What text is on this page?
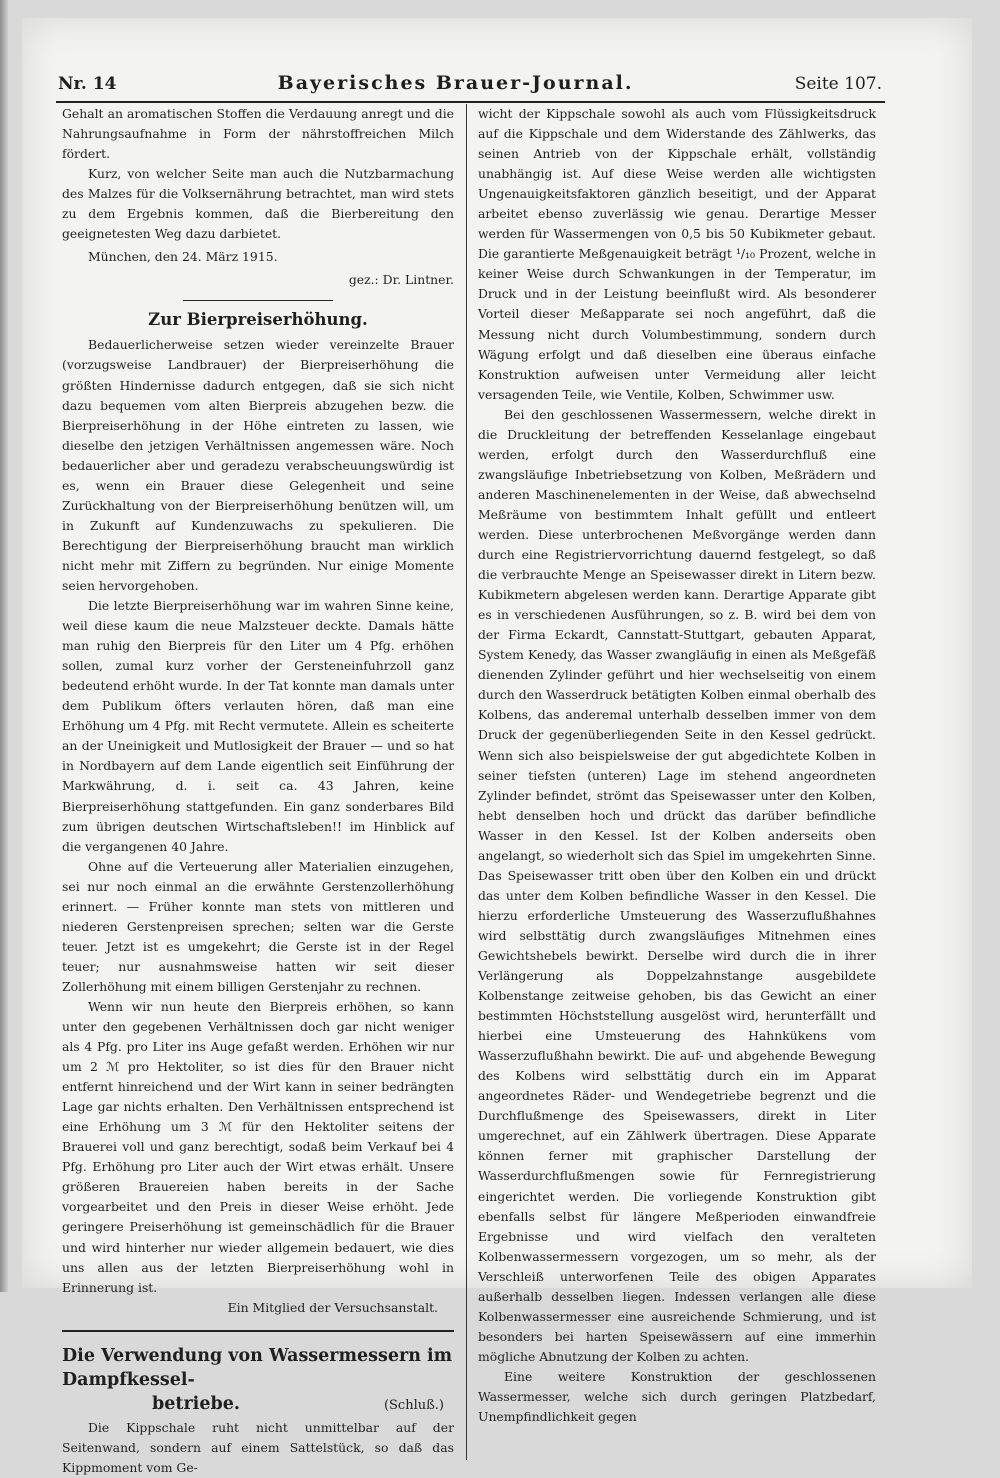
Nr. 14	Bayerisches Brauer-Journal.	Seite 107.

Gehalt an aromatischen Stoffen die Verdauung anregt und die Nahrungsaufnahme in Form der nährstoffreichen Milch fördert.

Kurz, von welcher Seite man auch die Nutzbarmachung des Malzes für die Volksernährung betrachtet, man wird stets zu dem Ergebnis kommen, daß die Bierbereitung den geeignetesten Weg dazu darbietet.

München, den 24. März 1915.

gez.: Dr. Lintner.

Zur Bierpreiserhöhung.

Bedauerlicherweise setzen wieder vereinzelte Brauer (vorzugsweise Landbrauer) der Bierpreiserhöhung die größten Hindernisse dadurch entgegen, daß sie sich nicht dazu bequemen vom alten Bierpreis abzugehen bezw. die Bierpreiserhöhung in der Höhe eintreten zu lassen, wie dieselbe den jetzigen Verhältnissen angemessen wäre. Noch bedauerlicher aber und geradezu verabscheuungswürdig ist es, wenn ein Brauer diese Gelegenheit und seine Zurückhaltung von der Bierpreiserhöhung benützen will, um in Zukunft auf Kundenzuwachs zu spekulieren. Die Berechtigung der Bierpreiserhöhung braucht man wirklich nicht mehr mit Ziffern zu begründen. Nur einige Momente seien hervorgehoben.

Die letzte Bierpreiserhöhung war im wahren Sinne keine, weil diese kaum die neue Malzsteuer deckte. Damals hätte man ruhig den Bierpreis für den Liter um 4 Pfg. erhöhen sollen, zumal kurz vorher der Gersteneinfuhrzoll ganz bedeutend erhöht wurde. In der Tat konnte man damals unter dem Publikum öfters verlauten hören, daß man eine Erhöhung um 4 Pfg. mit Recht vermutete. Allein es scheiterte an der Uneinigkeit und Mutlosigkeit der Brauer — und so hat in Nordbayern auf dem Lande eigentlich seit Einführung der Markwährung, d. i. seit ca. 43 Jahren, keine Bierpreiserhöhung stattgefunden. Ein ganz sonderbares Bild zum übrigen deutschen Wirtschaftsleben!! im Hinblick auf die vergangenen 40 Jahre.

Ohne auf die Verteuerung aller Materialien einzugehen, sei nur noch einmal an die erwähnte Gerstenzollerhöhung erinnert. — Früher konnte man stets von mittleren und niederen Gerstenpreisen sprechen; selten war die Gerste teuer. Jetzt ist es umgekehrt; die Gerste ist in der Regel teuer; nur ausnahmsweise hatten wir seit dieser Zollerhöhung mit einem billigen Gerstenjahr zu rechnen.

Wenn wir nun heute den Bierpreis erhöhen, so kann unter den gegebenen Verhältnissen doch gar nicht weniger als 4 Pfg. pro Liter ins Auge gefaßt werden. Erhöhen wir nur um 2 ℳ pro Hektoliter, so ist dies für den Brauer nicht entfernt hinreichend und der Wirt kann in seiner bedrängten Lage gar nichts erhalten. Den Verhältnissen entsprechend ist eine Erhöhung um 3 ℳ für den Hektoliter seitens der Brauerei voll und ganz berechtigt, sodaß beim Verkauf bei 4 Pfg. Erhöhung pro Liter auch der Wirt etwas erhält. Unsere größeren Brauereien haben bereits in der Sache vorgearbeitet und den Preis in dieser Weise erhöht. Jede geringere Preiserhöhung ist gemeinschädlich für die Brauer und wird hinterher nur wieder allgemein bedauert, wie dies uns allen aus der letzten Bierpreiserhöhung wohl in Erinnerung ist.

Ein Mitglied der Versuchsanstalt.

Die Verwendung von Wassermessern im Dampfkessel-
betriebe.	(Schluß.)

Die Kippschale ruht nicht unmittelbar auf der Seitenwand, sondern auf einem Sattelstück, so daß das Kippmoment vom Ge-

wicht der Kippschale sowohl als auch vom Flüssigkeitsdruck auf die Kippschale und dem Widerstande des Zählwerks, das seinen Antrieb von der Kippschale erhält, vollständig unabhängig ist. Auf diese Weise werden alle wichtigsten Ungenauigkeitsfaktoren gänzlich beseitigt, und der Apparat arbeitet ebenso zuverlässig wie genau. Derartige Messer werden für Wassermengen von 0,5 bis 50 Kubikmeter gebaut. Die garantierte Meßgenauigkeit beträgt ¹/₁₀ Prozent, welche in keiner Weise durch Schwankungen in der Temperatur, im Druck und in der Leistung beeinflußt wird. Als besonderer Vorteil dieser Meßapparate sei noch angeführt, daß die Messung nicht durch Volumbestimmung, sondern durch Wägung erfolgt und daß dieselben eine überaus einfache Konstruktion aufweisen unter Vermeidung aller leicht versagenden Teile, wie Ventile, Kolben, Schwimmer usw.

Bei den geschlossenen Wassermessern, welche direkt in die Druckleitung der betreffenden Kesselanlage eingebaut werden, erfolgt durch den Wasserdurchfluß eine zwangsläufige Inbetriebsetzung von Kolben, Meßrädern und anderen Maschinenelementen in der Weise, daß abwechselnd Meßräume von bestimmtem Inhalt gefüllt und entleert werden. Diese unterbrochenen Meßvorgänge werden dann durch eine Registriervorrichtung dauernd festgelegt, so daß die verbrauchte Menge an Speisewasser direkt in Litern bezw. Kubikmetern abgelesen werden kann. Derartige Apparate gibt es in verschiedenen Ausführungen, so z. B. wird bei dem von der Firma Eckardt, Cannstatt-Stuttgart, gebauten Apparat, System Kenedy, das Wasser zwangläufig in einen als Meßgefäß dienenden Zylinder geführt und hier wechselseitig von einem durch den Wasserdruck betätigten Kolben einmal oberhalb des Kolbens, das anderemal unterhalb desselben immer von dem Druck der gegenüberliegenden Seite in den Kessel gedrückt. Wenn sich also beispielsweise der gut abgedichtete Kolben in seiner tiefsten (unteren) Lage im stehend angeordneten Zylinder befindet, strömt das Speisewasser unter den Kolben, hebt denselben hoch und drückt das darüber befindliche Wasser in den Kessel. Ist der Kolben anderseits oben angelangt, so wiederholt sich das Spiel im umgekehrten Sinne. Das Speisewasser tritt oben über den Kolben ein und drückt das unter dem Kolben befindliche Wasser in den Kessel. Die hierzu erforderliche Umsteuerung des Wasserzuflußhahnes wird selbsttätig durch zwangsläufiges Mitnehmen eines Gewichtshebels bewirkt. Derselbe wird durch die in ihrer Verlängerung als Doppelzahnstange ausgebildete Kolbenstange zeitweise gehoben, bis das Gewicht an einer bestimmten Höchststellung ausgelöst wird, herunterfällt und hierbei eine Umsteuerung des Hahnkükens vom Wasserzuflußhahn bewirkt. Die auf- und abgehende Bewegung des Kolbens wird selbsttätig durch ein im Apparat angeordnetes Räder- und Wendegetriebe begrenzt und die Durchflußmenge des Speisewassers, direkt in Liter umgerechnet, auf ein Zählwerk übertragen. Diese Apparate können ferner mit graphischer Darstellung der Wasserdurchflußmengen sowie für Fernregistrierung eingerichtet werden. Die vorliegende Konstruktion gibt ebenfalls selbst für längere Meßperioden einwandfreie Ergebnisse und wird vielfach den veralteten Kolbenwassermessern vorgezogen, um so mehr, als der Verschleiß unterworfenen Teile des obigen Apparates außerhalb desselben liegen. Indessen verlangen alle diese Kolbenwassermesser eine ausreichende Schmierung, und ist besonders bei harten Speisewässern auf eine immerhin mögliche Abnutzung der Kolben zu achten.

Eine weitere Konstruktion der geschlossenen Wassermesser, welche sich durch geringen Platzbedarf, Unempfindlichkeit gegen
